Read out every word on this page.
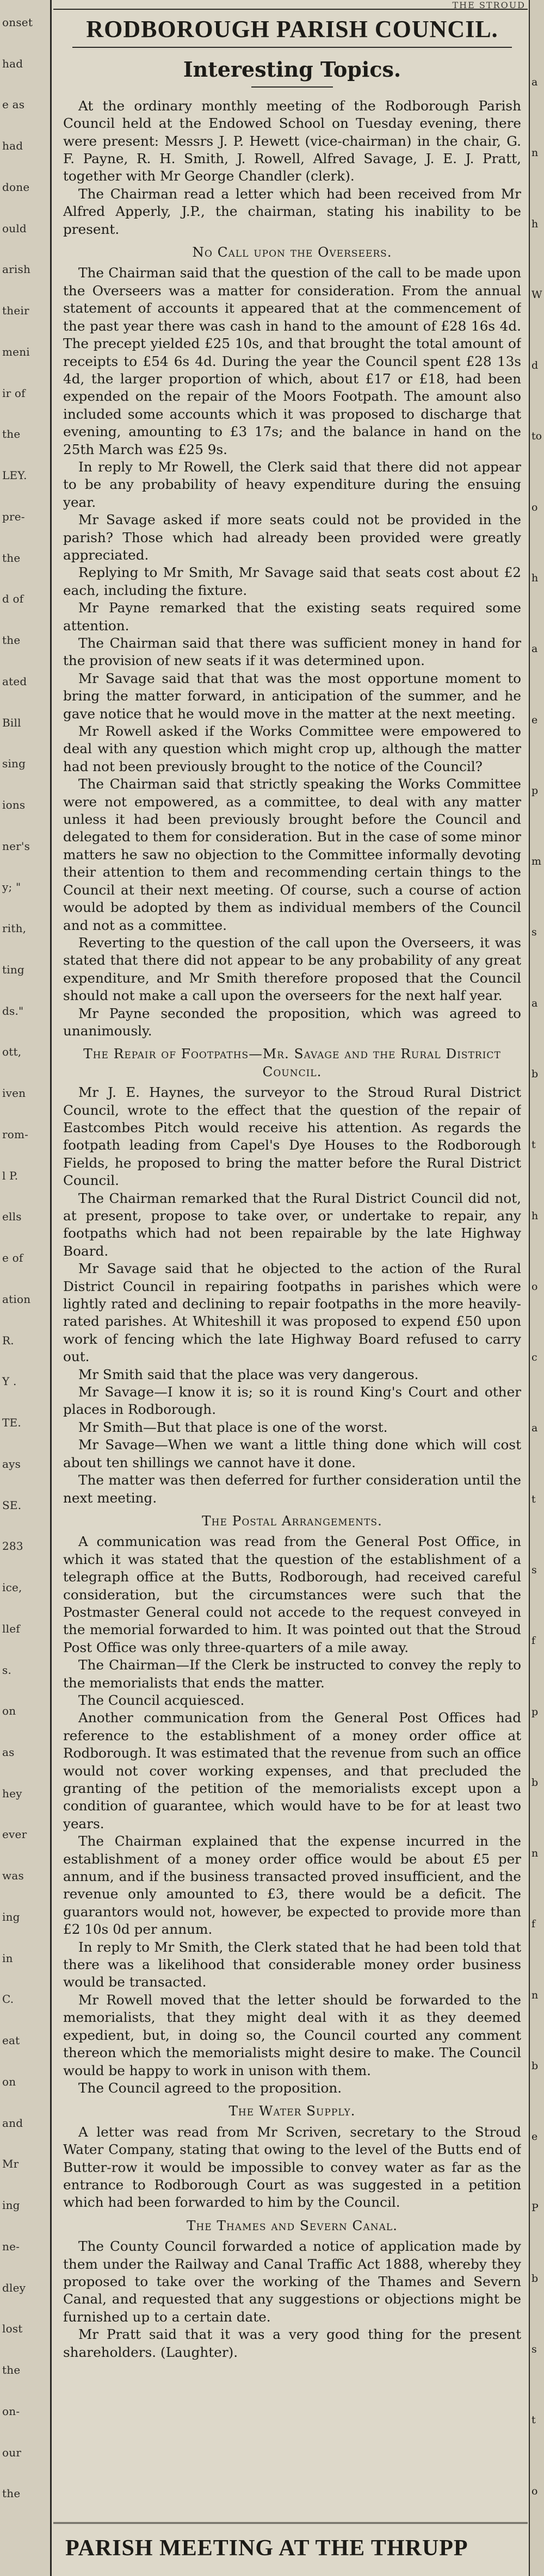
onset
had
e as
had
done
ould
arish
their
meni
ir of
the
LEY.
pre-
the
d of
the
ated
Bill
sing
ions
ner's
y; "
rith,
ting
ds."
ott,
iven
rom-
l P.
ells
e of
ation
R.
Y .
TE.
ays
SE.
283
ice,
llef
s.
on
as
hey
ever
was
ing
in
C.
eat
on
and
Mr
ing
ne-
dley
lost
the
on-
our
the
a
n
h
W
d
to
o
h
a
e
p
m
s
a
b
t
h
o
c
a
t
s
f
p
b
n
f
n
b
e
P
b
s
t
o
THE STROUD
RODBOROUGH PARISH COUNCIL.
Interesting Topics.

At the ordinary monthly meeting of the Rodborough Parish Council held at the Endowed School on Tuesday evening, there were present: Messrs J. P. Hewett (vice-chairman) in the chair, G. F. Payne, R. H. Smith, J. Rowell, Alfred Savage, J. E. J. Pratt, together with Mr George Chandler (clerk).

The Chairman read a letter which had been received from Mr Alfred Apperly, J.P., the chairman, stating his inability to be present.

No Call upon the Overseers.

The Chairman said that the question of the call to be made upon the Overseers was a matter for consideration. From the annual statement of accounts it appeared that at the commencement of the past year there was cash in hand to the amount of £28 16s 4d. The precept yielded £25 10s, and that brought the total amount of receipts to £54 6s 4d. During the year the Council spent £28 13s 4d, the larger proportion of which, about £17 or £18, had been expended on the repair of the Moors Footpath. The amount also included some accounts which it was proposed to discharge that evening, amounting to £3 17s; and the balance in hand on the 25th March was £25 9s.

In reply to Mr Rowell, the Clerk said that there did not appear to be any probability of heavy expenditure during the ensuing year.

Mr Savage asked if more seats could not be provided in the parish? Those which had already been provided were greatly appreciated.

Replying to Mr Smith, Mr Savage said that seats cost about £2 each, including the fixture.

Mr Payne remarked that the existing seats required some attention.

The Chairman said that there was sufficient money in hand for the provision of new seats if it was determined upon.

Mr Savage said that that was the most opportune moment to bring the matter forward, in anticipation of the summer, and he gave notice that he would move in the matter at the next meeting.

Mr Rowell asked if the Works Committee were empowered to deal with any question which might crop up, although the matter had not been previously brought to the notice of the Council?

The Chairman said that strictly speaking the Works Committee were not empowered, as a committee, to deal with any matter unless it had been previously brought before the Council and delegated to them for consideration. But in the case of some minor matters he saw no objection to the Committee informally devoting their attention to them and recommending certain things to the Council at their next meeting. Of course, such a course of action would be adopted by them as individual members of the Council and not as a committee.

Reverting to the question of the call upon the Overseers, it was stated that there did not appear to be any probability of any great expenditure, and Mr Smith therefore proposed that the Council should not make a call upon the overseers for the next half year.

Mr Payne seconded the proposition, which was agreed to unanimously.

The Repair of Footpaths—Mr. Savage and the Rural District Council.

Mr J. E. Haynes, the surveyor to the Stroud Rural District Council, wrote to the effect that the question of the repair of Eastcombes Pitch would receive his attention. As regards the footpath leading from Capel's Dye Houses to the Rodborough Fields, he proposed to bring the matter before the Rural District Council.

The Chairman remarked that the Rural District Council did not, at present, propose to take over, or undertake to repair, any footpaths which had not been repairable by the late Highway Board.

Mr Savage said that he objected to the action of the Rural District Council in repairing footpaths in parishes which were lightly rated and declining to repair footpaths in the more heavily-rated parishes. At Whiteshill it was proposed to expend £50 upon work of fencing which the late Highway Board refused to carry out.

Mr Smith said that the place was very dangerous.

Mr Savage—I know it is; so it is round King's Court and other places in Rodborough.

Mr Smith—But that place is one of the worst.

Mr Savage—When we want a little thing done which will cost about ten shillings we cannot have it done.

The matter was then deferred for further consideration until the next meeting.

The Postal Arrangements.

A communication was read from the General Post Office, in which it was stated that the question of the establishment of a telegraph office at the Butts, Rodborough, had received careful consideration, but the circumstances were such that the Postmaster General could not accede to the request conveyed in the memorial forwarded to him. It was pointed out that the Stroud Post Office was only three-quarters of a mile away.

The Chairman—If the Clerk be instructed to convey the reply to the memorialists that ends the matter.

The Council acquiesced.

Another communication from the General Post Offices had reference to the establishment of a money order office at Rodborough. It was estimated that the revenue from such an office would not cover working expenses, and that precluded the granting of the petition of the memorialists except upon a condition of guarantee, which would have to be for at least two years.

The Chairman explained that the expense incurred in the establishment of a money order office would be about £5 per annum, and if the business transacted proved insufficient, and the revenue only amounted to £3, there would be a deficit. The guarantors would not, however, be expected to provide more than £2 10s 0d per annum.

In reply to Mr Smith, the Clerk stated that he had been told that there was a likelihood that considerable money order business would be transacted.

Mr Rowell moved that the letter should be forwarded to the memorialists, that they might deal with it as they deemed expedient, but, in doing so, the Council courted any comment thereon which the memorialists might desire to make. The Council would be happy to work in unison with them.

The Council agreed to the proposition.

The Water Supply.

A letter was read from Mr Scriven, secretary to the Stroud Water Company, stating that owing to the level of the Butts end of Butter-row it would be impossible to convey water as far as the entrance to Rodborough Court as was suggested in a petition which had been forwarded to him by the Council.

The Thames and Severn Canal.

The County Council forwarded a notice of application made by them under the Railway and Canal Traffic Act 1888, whereby they proposed to take over the working of the Thames and Severn Canal, and requested that any suggestions or objections might be furnished up to a certain date.

Mr Pratt said that it was a very good thing for the present shareholders. (Laughter).

PARISH MEETING AT THE THRUPP
